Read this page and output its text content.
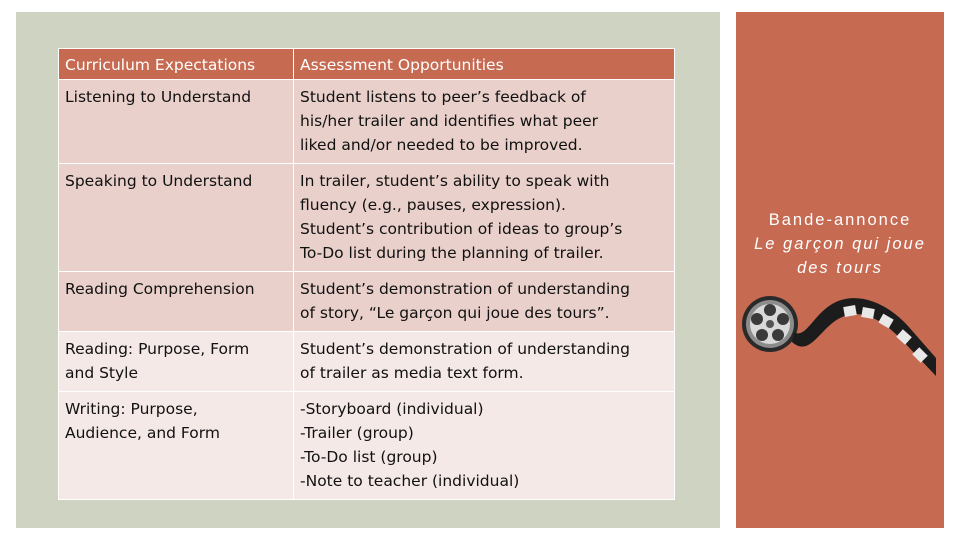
Curriculum Expectations	Assessment Opportunities
Listening to Understand	Student listens to peer’s feedback of
his/her trailer and identifies what peer
liked and/or needed to be improved.
Speaking to Understand	In trailer, student’s ability to speak with
fluency (e.g., pauses, expression).
Student’s contribution of ideas to group’s
To-Do list during the planning of trailer.
Reading Comprehension	Student’s demonstration of understanding
of story, “Le garçon qui joue des tours”.
Reading: Purpose, Form
and Style	Student’s demonstration of understanding
of trailer as media text form.
Writing: Purpose,
Audience, and Form	-Storyboard (individual)
-Trailer (group)
-To-Do list (group)
-Note to teacher (individual)
Bande-annonce
Le garçon qui joue
des tours
